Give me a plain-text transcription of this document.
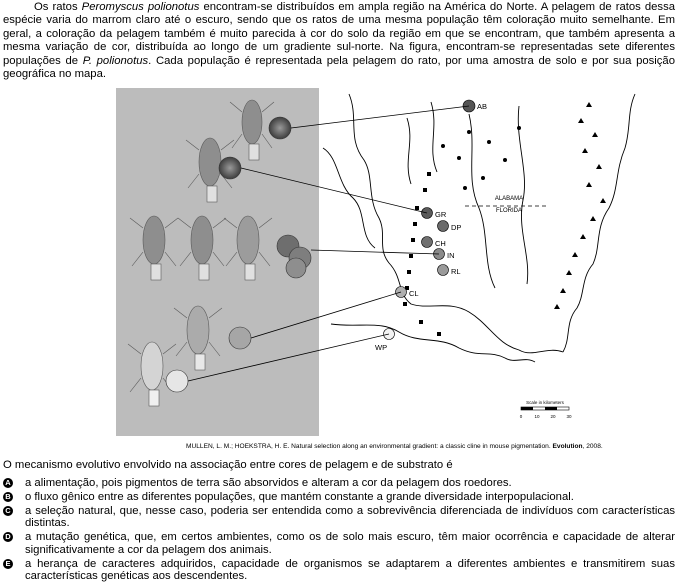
Os ratos Peromyscus polionotus encontram-se distribuídos em ampla região na América do Norte. A pelagem de ratos dessa espécie varia do marrom claro até o escuro, sendo que os ratos de uma mesma população têm coloração muito semelhante. Em geral, a coloração da pelagem também é muito parecida à cor do solo da região em que se encontram, que também apresenta a mesma variação de cor, distribuída ao longo de um gradiente sul-norte. Na figura, encontram-se representadas sete diferentes populações de P. polionotus. Cada população é representada pela pelagem do rato, por uma amostra de solo e por sua posição geográfica no mapa.

ALABAMA
FLORIDA
Scale in kilometers
0	10 20 30
AB
GR
DP
CH
IN
RL
CL
WP
MULLEN, L. M.; HOEKSTRA, H. E. Natural selection along an environmental gradient: a classic cline in mouse pigmentation. Evolution, 2008.

O mecanismo evolutivo envolvido na associação entre cores de pelagem e de substrato é

A a alimentação, pois pigmentos de terra são absorvidos e alteram a cor da pelagem dos roedores.
B o fluxo gênico entre as diferentes populações, que mantém constante a grande diversidade interpopulacional.
C a seleção natural, que, nesse caso, poderia ser entendida como a sobrevivência diferenciada de indivíduos com características distintas.
D a mutação genética, que, em certos ambientes, como os de solo mais escuro, têm maior ocorrência e capacidade de alterar significativamente a cor da pelagem dos animais.
E a herança de caracteres adquiridos, capacidade de organismos se adaptarem a diferentes ambientes e transmitirem suas características genéticas aos descendentes.
